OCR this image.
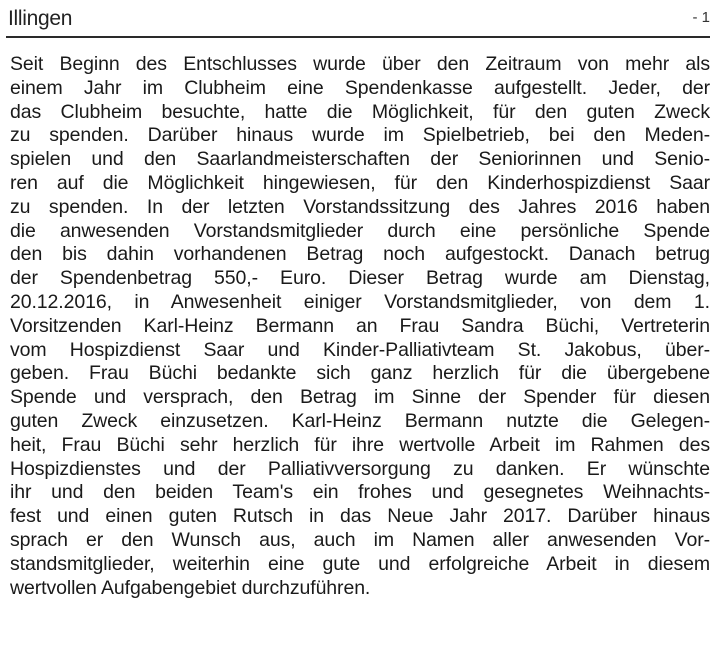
Illingen	- 1
Seit Beginn des Entschlusses wurde über den Zeitraum von mehr als
einem Jahr im Clubheim eine Spendenkasse aufgestellt. Jeder, der
das Clubheim besuchte, hatte die Möglichkeit, für den guten Zweck
zu spenden. Darüber hinaus wurde im Spielbetrieb, bei den Meden-
spielen und den Saarlandmeisterschaften der Seniorinnen und Senio-
ren auf die Möglichkeit hingewiesen, für den Kinderhospizdienst Saar
zu spenden. In der letzten Vorstandssitzung des Jahres 2016 haben
die anwesenden Vorstandsmitglieder durch eine persönliche Spende
den bis dahin vorhandenen Betrag noch aufgestockt. Danach betrug
der Spendenbetrag 550,- Euro. Dieser Betrag wurde am Dienstag,
20.12.2016, in Anwesenheit einiger Vorstandsmitglieder, von dem 1.
Vorsitzenden Karl-Heinz Bermann an Frau Sandra Büchi, Vertreterin
vom Hospizdienst Saar und Kinder-Palliativteam St. Jakobus, über-
geben. Frau Büchi bedankte sich ganz herzlich für die übergebene
Spende und versprach, den Betrag im Sinne der Spender für diesen
guten Zweck einzusetzen. Karl-Heinz Bermann nutzte die Gelegen-
heit, Frau Büchi sehr herzlich für ihre wertvolle Arbeit im Rahmen des
Hospizdienstes und der Palliativversorgung zu danken. Er wünschte
ihr und den beiden Team's ein frohes und gesegnetes Weihnachts-
fest und einen guten Rutsch in das Neue Jahr 2017. Darüber hinaus
sprach er den Wunsch aus, auch im Namen aller anwesenden Vor-
standsmitglieder, weiterhin eine gute und erfolgreiche Arbeit in diesem
wertvollen Aufgabengebiet durchzuführen.
